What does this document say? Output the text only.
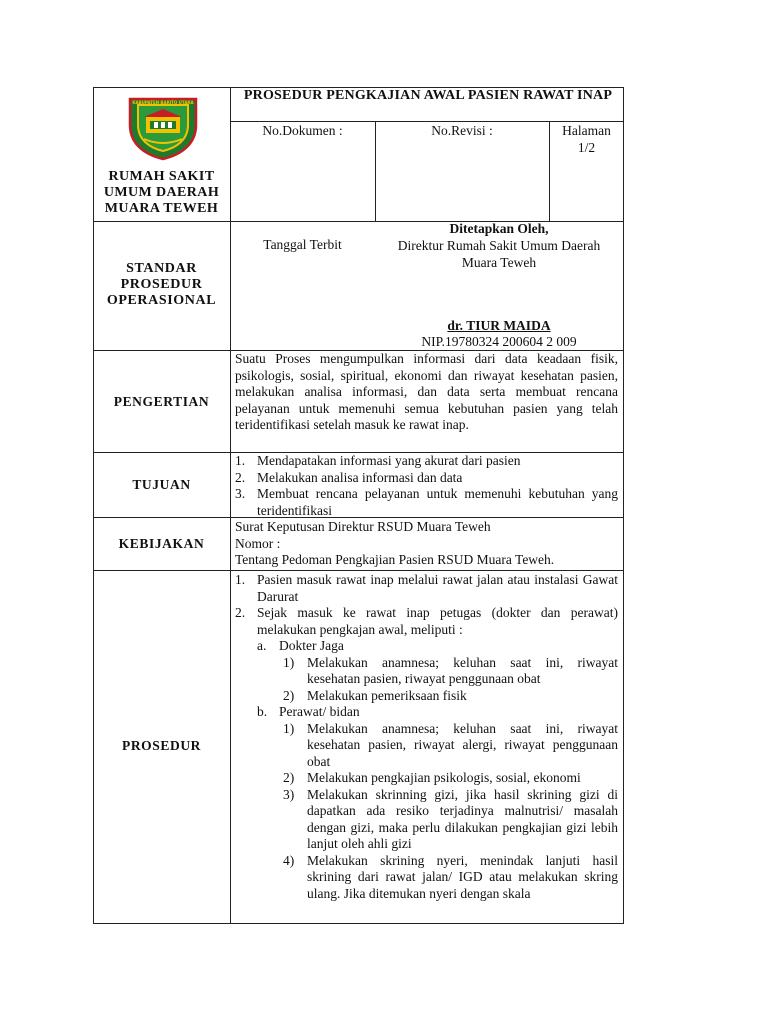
KABUPATEN BARITO UTARA
RUMAH SAKIT
UMUM DAERAH
MUARA TEWEH
PROSEDUR PENGKAJIAN AWAL PASIEN RAWAT INAP
No.Dokumen :	No.Revisi :	Halaman
1/2
STANDAR
PROSEDUR
OPERASIONAL
Tanggal Terbit
Ditetapkan Oleh,
Direktur Rumah Sakit Umum Daerah
Muara Teweh
dr. TIUR MAIDA
NIP.19780324 200604 2 009
PENGERTIAN
Suatu Proses mengumpulkan informasi dari data keadaan fisik, psikologis, sosial, spiritual, ekonomi dan riwayat kesehatan pasien, melakukan analisa informasi, dan data serta membuat rencana pelayanan untuk memenuhi semua kebutuhan pasien yang telah teridentifikasi setelah masuk ke rawat inap.
TUJUAN
1. Mendapatakan informasi yang akurat dari pasien
2. Melakukan analisa informasi dan data
3. Membuat rencana pelayanan untuk memenuhi kebutuhan yang teridentifikasi
KEBIJAKAN
Surat Keputusan Direktur RSUD Muara Teweh
Nomor :
Tentang Pedoman Pengkajian Pasien RSUD Muara Teweh.
PROSEDUR
1. Pasien masuk rawat inap melalui rawat jalan atau instalasi Gawat Darurat
2. Sejak masuk ke rawat inap petugas (dokter dan perawat) melakukan pengkajan awal, meliputi :
a. Dokter Jaga
1) Melakukan anamnesa; keluhan saat ini, riwayat kesehatan pasien, riwayat penggunaan obat
2) Melakukan pemeriksaan fisik
b. Perawat/ bidan
1) Melakukan anamnesa; keluhan saat ini, riwayat kesehatan pasien, riwayat alergi, riwayat penggunaan obat
2) Melakukan pengkajian psikologis, sosial, ekonomi
3) Melakukan skrinning gizi, jika hasil skrining gizi di dapatkan ada resiko terjadinya malnutrisi/ masalah dengan gizi, maka perlu dilakukan pengkajian gizi lebih lanjut oleh ahli gizi
4) Melakukan skrining nyeri, menindak lanjuti hasil skrining dari rawat jalan/ IGD atau melakukan skring ulang. Jika ditemukan nyeri dengan skala
